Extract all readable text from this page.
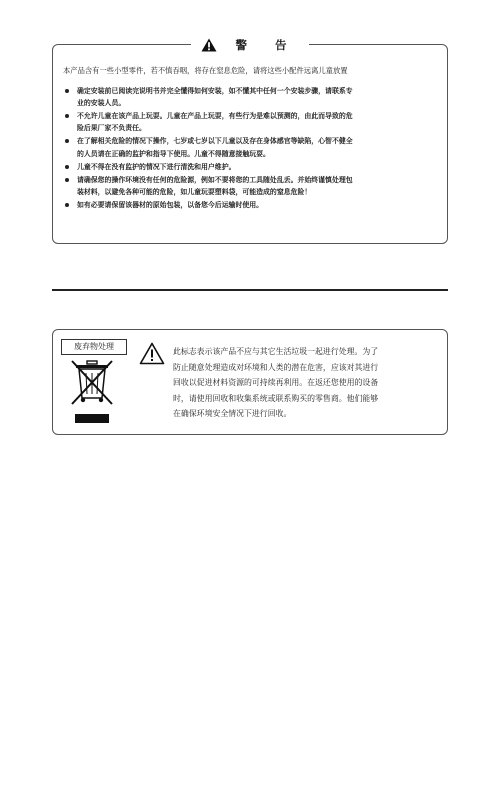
警 告
本产品含有一些小型零件，若不慎吞咽，将存在窒息危险，请将这些小配件远离儿童放置
确定安装前已阅读完说明书并完全懂得如何安装，如不懂其中任何一个安装步骤，请联系专
业的安装人员。
不允许儿童在该产品上玩耍。儿童在产品上玩耍，有些行为是难以预测的，由此而导致的危
险后果厂家不负责任。
在了解相关危险的情况下操作，七岁或七岁以下儿童以及存在身体感官等缺陷，心智不健全
的人员请在正确的监护和指导下使用。儿童不得随意接触玩耍。
儿童不得在没有监护的情况下进行清洗和用户维护。
请确保您的操作环境没有任何的危险源，例如不要将您的工具随处乱丢。并始终谨慎处理包
装材料，以避免各种可能的危险，如儿童玩耍塑料袋，可能造成的窒息危险！
如有必要请保留该器材的原始包装，以备您今后运输时使用。
废弃物处理
此标志表示该产品不应与其它生活垃圾一起进行处理。为了
防止随意处理造成对环境和人类的潜在危害，应该对其进行
回收以促进材料资源的可持续再利用。在返还您使用的设备
时，请使用回收和收集系统或联系购买的零售商。他们能够
在确保环境安全情况下进行回收。
